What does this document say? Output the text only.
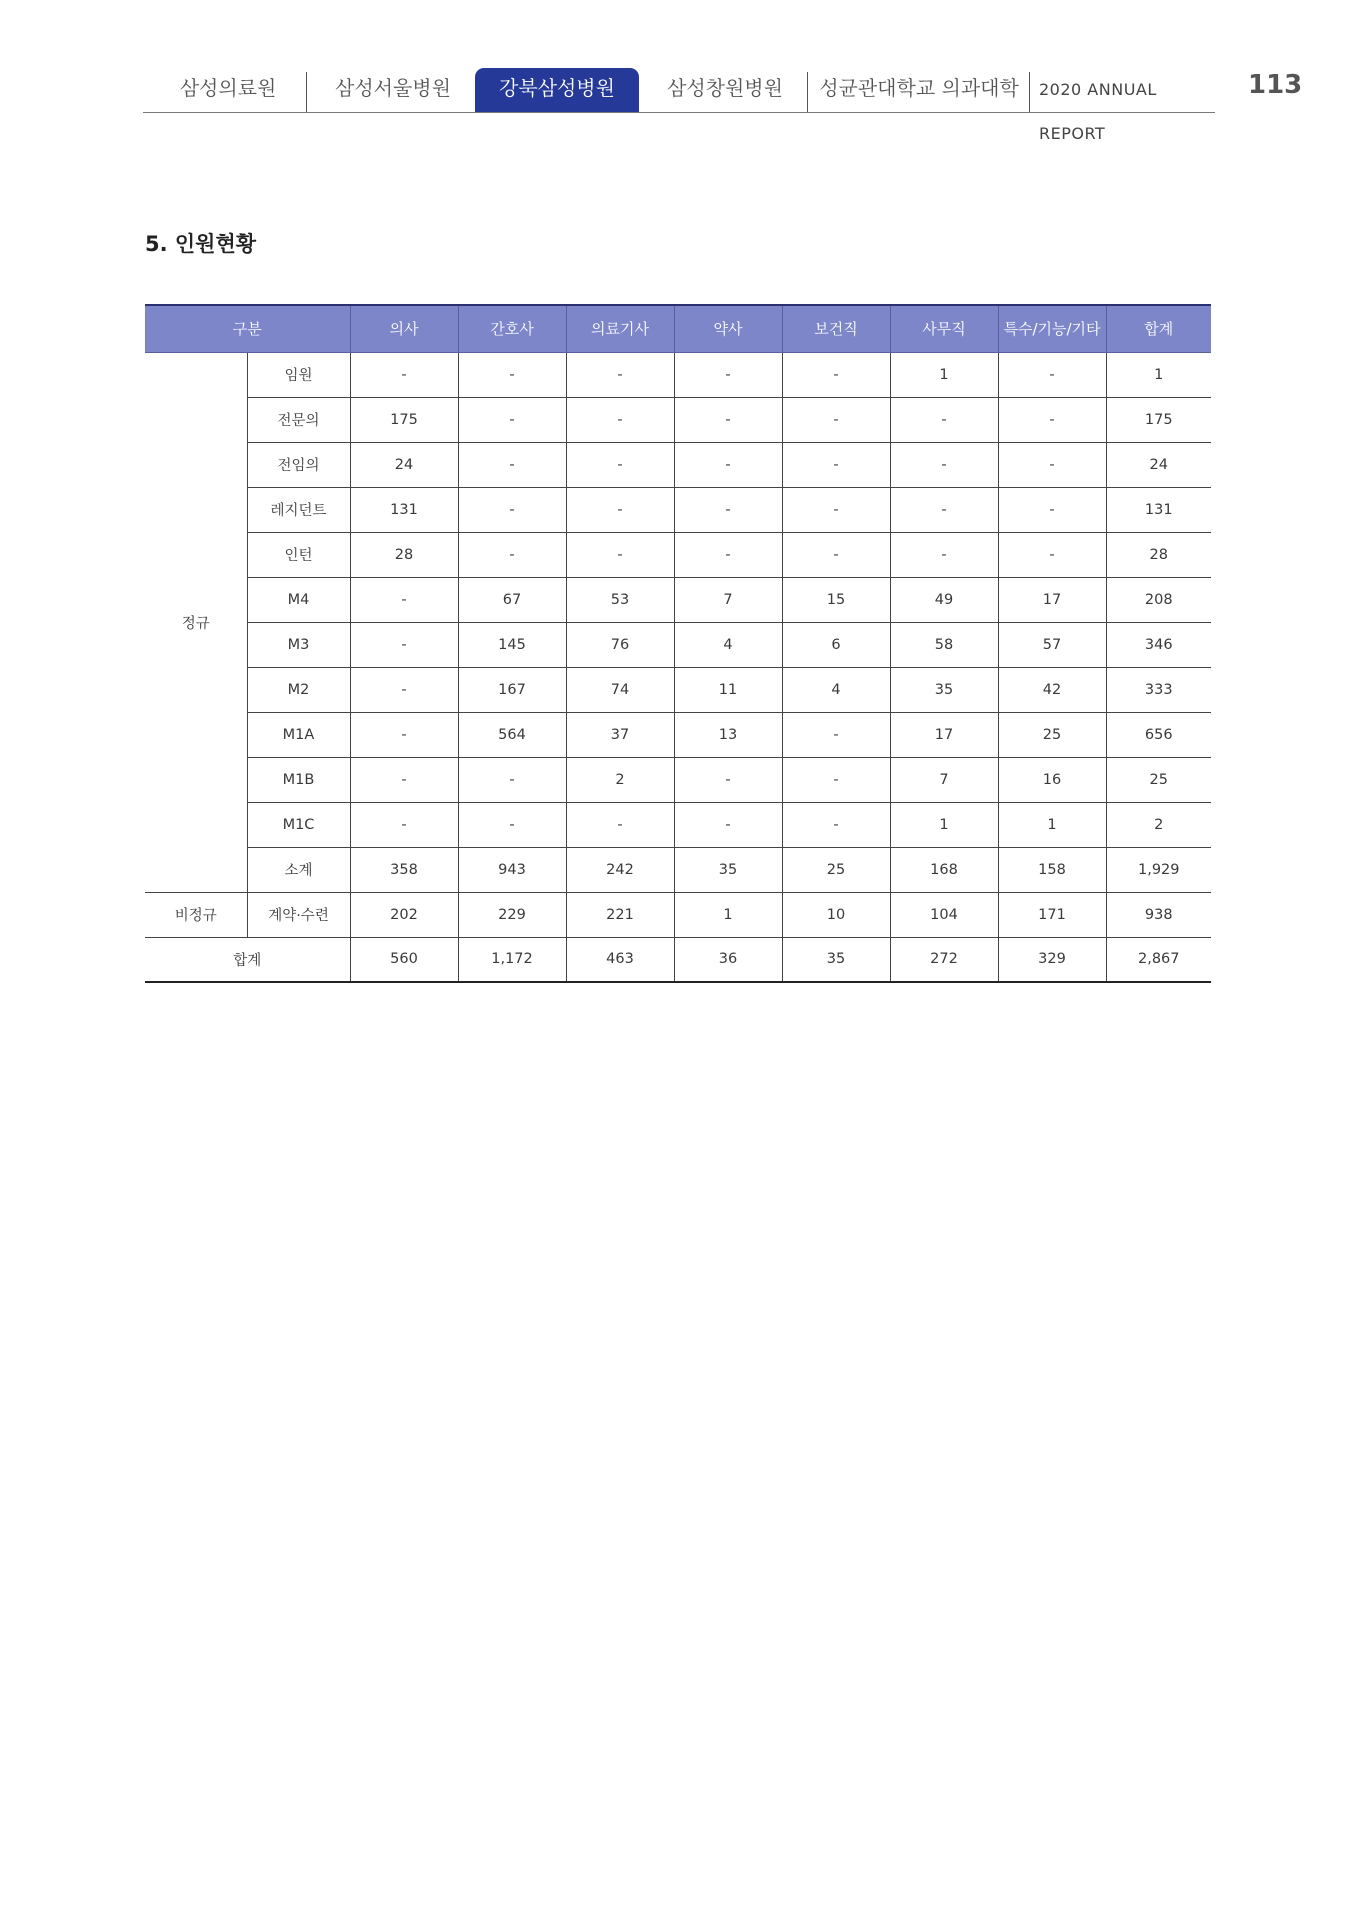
삼성의료원	삼성서울병원	강북삼성병원	삼성창원병원	성균관대학교 의과대학	2020 ANNUAL REPORT
113
5. 인원현황
구분		의사	간호사	의료기사	약사	보건직	사무직	특수/기능/기타	합계
정규	임원	-	-	-	-	-	1	-	1
	전문의	175	-	-	-	-	-	-	175
	전임의	24	-	-	-	-	-	-	24
	레지던트	131	-	-	-	-	-	-	131
	인턴	28	-	-	-	-	-	-	28
	M4	-	67	53	7	15	49	17	208
	M3	-	145	76	4	6	58	57	346
	M2	-	167	74	11	4	35	42	333
	M1A	-	564	37	13	-	17	25	656
	M1B	-	-	2	-	-	7	16	25
	M1C	-	-	-	-	-	1	1	2
	소계	358	943	242	35	25	168	158	1,929
비정규	계약·수련	202	229	221	1	10	104	171	938
합계		560	1,172	463	36	35	272	329	2,867
